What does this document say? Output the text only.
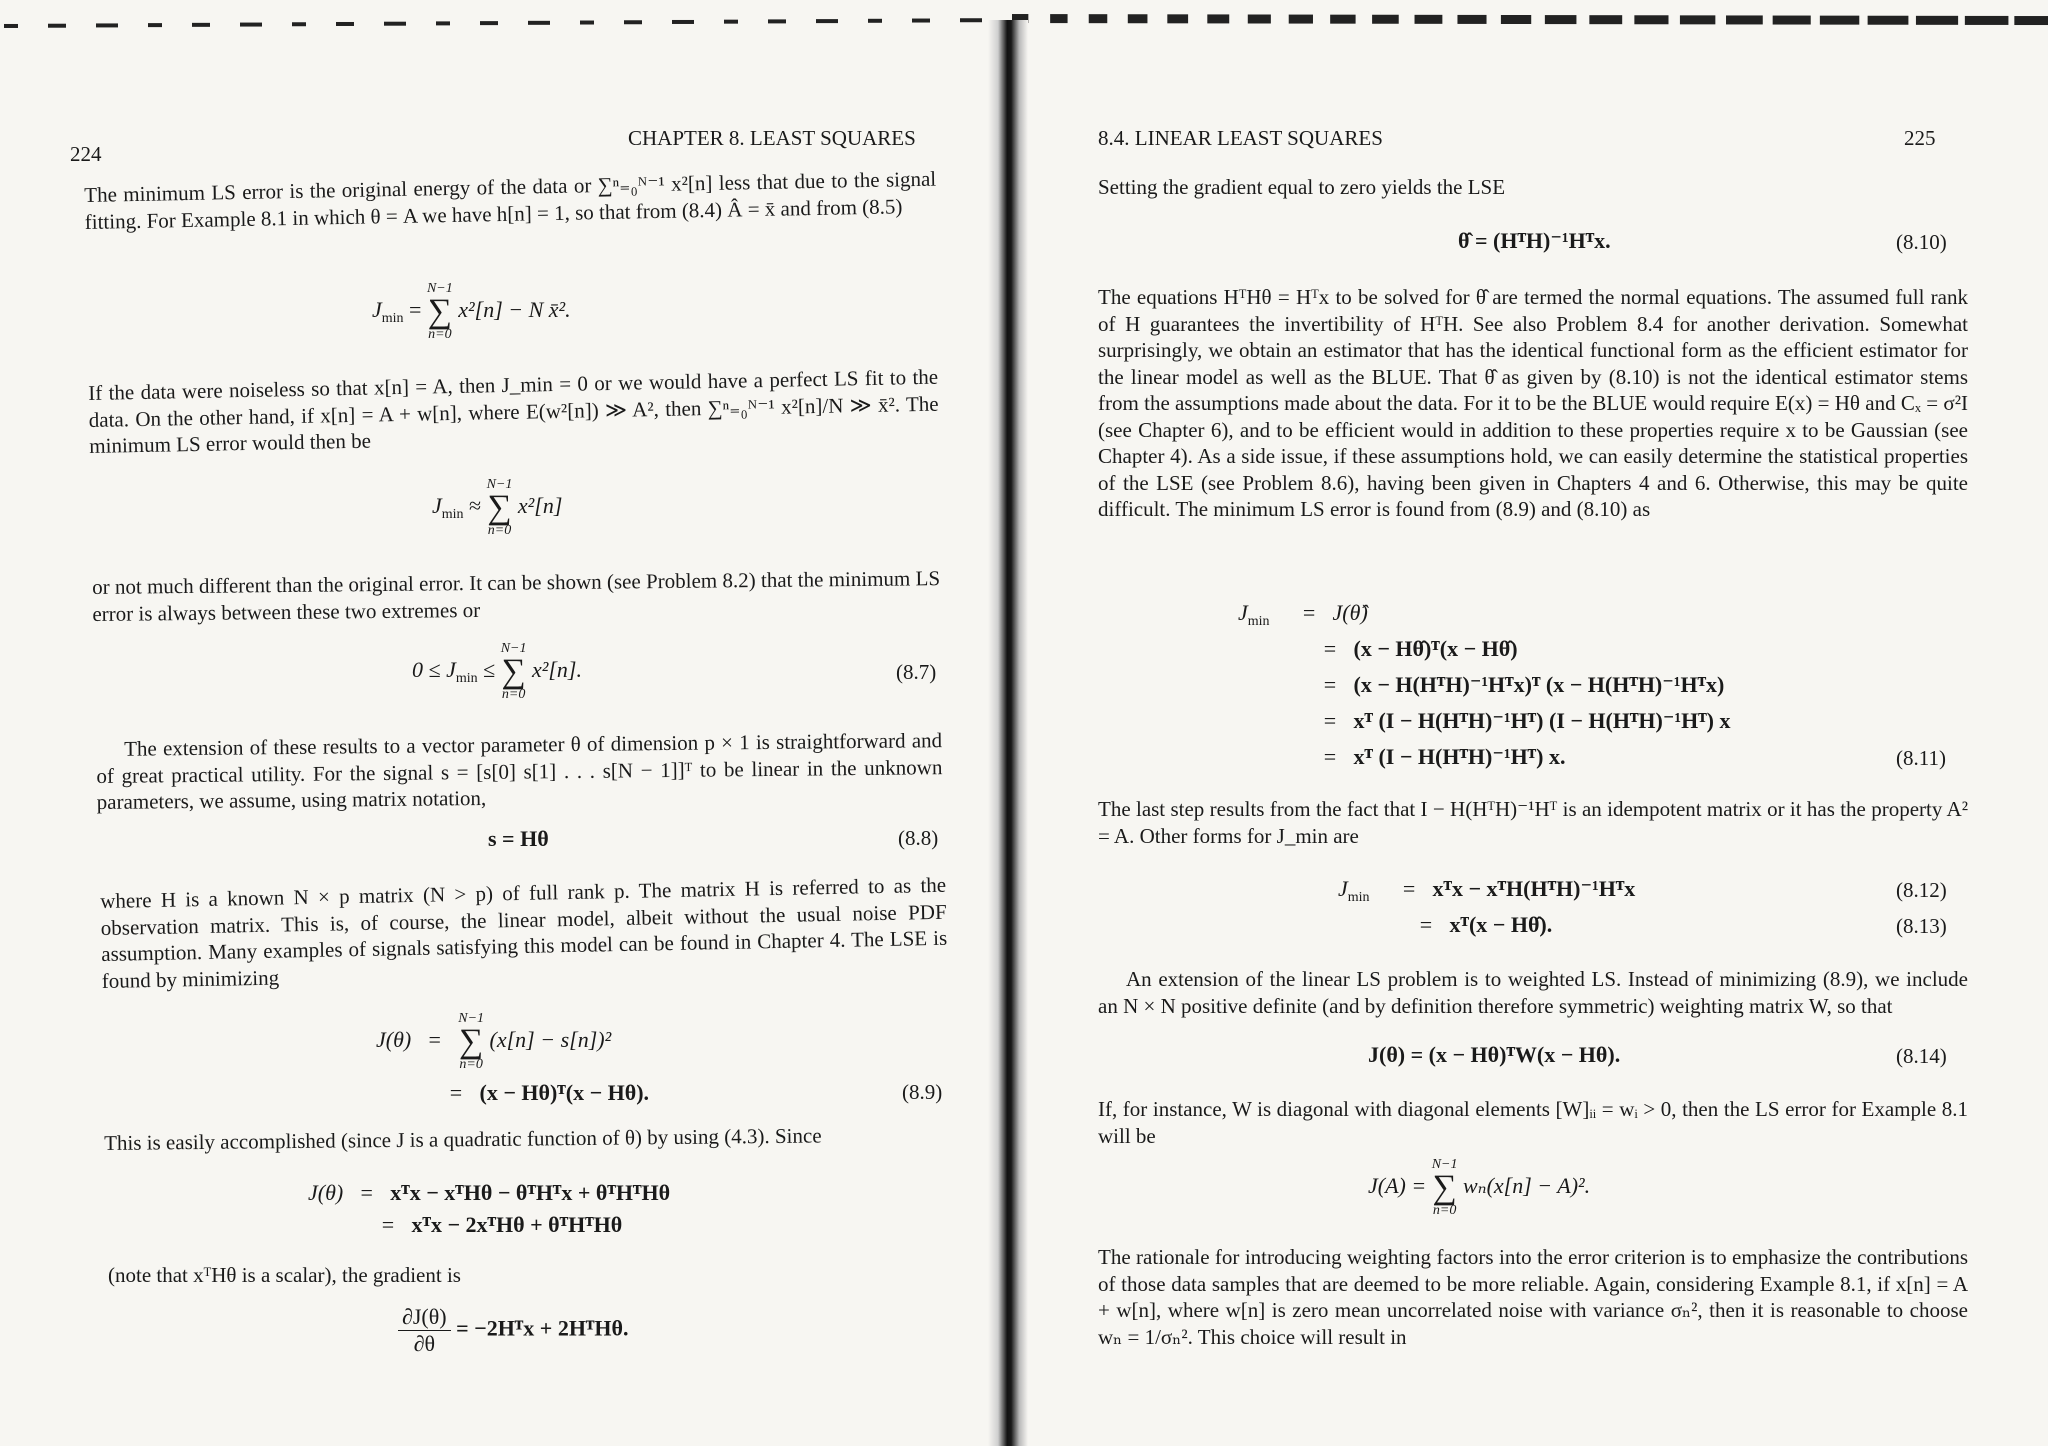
224
CHAPTER 8. LEAST SQUARES

The minimum LS error is the original energy of the data or ∑ⁿ₌₀ᴺ⁻¹ x²[n] less that due to the signal fitting. For Example 8.1 in which θ = A we have h[n] = 1, so that from (8.4) Â = x̄ and from (8.5)

$J_{min}$ =
N−1
∑
n=0
x²[n] − N x̄².

If the data were noiseless so that x[n] = A, then J_min = 0 or we would have a perfect LS fit to the data. On the other hand, if x[n] = A + w[n], where E(w²[n]) ≫ A², then ∑ⁿ₌₀ᴺ⁻¹ x²[n]/N ≫ x̄². The minimum LS error would then be

$J_{min}$ ≈
N−1
∑
n=0
x²[n]

or not much different than the original error. It can be shown (see Problem 8.2) that the minimum LS error is always between these two extremes or

$0 \le J_{min}$ ≤
N−1
∑
n=0
x²[n].	(8.7)

The extension of these results to a vector parameter θ of dimension p × 1 is straightforward and of great practical utility. For the signal s = [s[0] s[1] . . . s[N − 1]]ᵀ to be linear in the unknown parameters, we assume, using matrix notation,

s = Hθ	(8.8)

where H is a known N × p matrix (N > p) of full rank p. The matrix H is referred to as the observation matrix. This is, of course, the linear model, albeit without the usual noise PDF assumption. Many examples of signals satisfying this model can be found in Chapter 4. The LSE is found by minimizing

J(θ) =
N−1
∑
n=0
(x[n] − s[n])²
= (x − Hθ)ᵀ(x − Hθ).	(8.9)

This is easily accomplished (since J is a quadratic function of θ) by using (4.3). Since

J(θ) = xᵀx − xᵀHθ − θᵀHᵀx + θᵀHᵀHθ
= xᵀx − 2xᵀHθ + θᵀHᵀHθ

(note that xᵀHθ is a scalar), the gradient is

$\frac{\partial J(\theta)}{\partial\theta}$ = −2Hᵀx + 2HᵀHθ.
8.4. LINEAR LEAST SQUARES	225

Setting the gradient equal to zero yields the LSE

θ̂ = (HᵀH)⁻¹Hᵀx.	(8.10)

The equations HᵀHθ = Hᵀx to be solved for θ̂ are termed the normal equations. The assumed full rank of H guarantees the invertibility of HᵀH. See also Problem 8.4 for another derivation. Somewhat surprisingly, we obtain an estimator that has the identical functional form as the efficient estimator for the linear model as well as the BLUE. That θ̂ as given by (8.10) is not the identical estimator stems from the assumptions made about the data. For it to be the BLUE would require E(x) = Hθ and Cₓ = σ²I (see Chapter 6), and to be efficient would in addition to these properties require x to be Gaussian (see Chapter 4). As a side issue, if these assumptions hold, we can easily determine the statistical properties of the LSE (see Problem 8.6), having been given in Chapters 4 and 6. Otherwise, this may be quite difficult. The minimum LS error is found from (8.9) and (8.10) as

$J_{min}$ = J(θ̂)
= (x − Hθ̂)ᵀ(x − Hθ̂)
= (x − H(HᵀH)⁻¹Hᵀx)ᵀ (x − H(HᵀH)⁻¹Hᵀx)
= xᵀ (I − H(HᵀH)⁻¹Hᵀ) (I − H(HᵀH)⁻¹Hᵀ) x
= xᵀ (I − H(HᵀH)⁻¹Hᵀ) x.	(8.11)

The last step results from the fact that I − H(HᵀH)⁻¹Hᵀ is an idempotent matrix or it has the property A² = A. Other forms for J_min are

$J_{min}$ = xᵀx − xᵀH(HᵀH)⁻¹Hᵀx	(8.12)
= xᵀ(x − Hθ̂).	(8.13)

An extension of the linear LS problem is to weighted LS. Instead of minimizing (8.9), we include an N × N positive definite (and by definition therefore symmetric) weighting matrix W, so that

J(θ) = (x − Hθ)ᵀW(x − Hθ).	(8.14)

If, for instance, W is diagonal with diagonal elements [W]ᵢᵢ = wᵢ > 0, then the LS error for Example 8.1 will be

J(A) =
N−1
∑
n=0
wₙ(x[n] − A)².

The rationale for introducing weighting factors into the error criterion is to emphasize the contributions of those data samples that are deemed to be more reliable. Again, considering Example 8.1, if x[n] = A + w[n], where w[n] is zero mean uncorrelated noise with variance σₙ², then it is reasonable to choose wₙ = 1/σₙ². This choice will result in
